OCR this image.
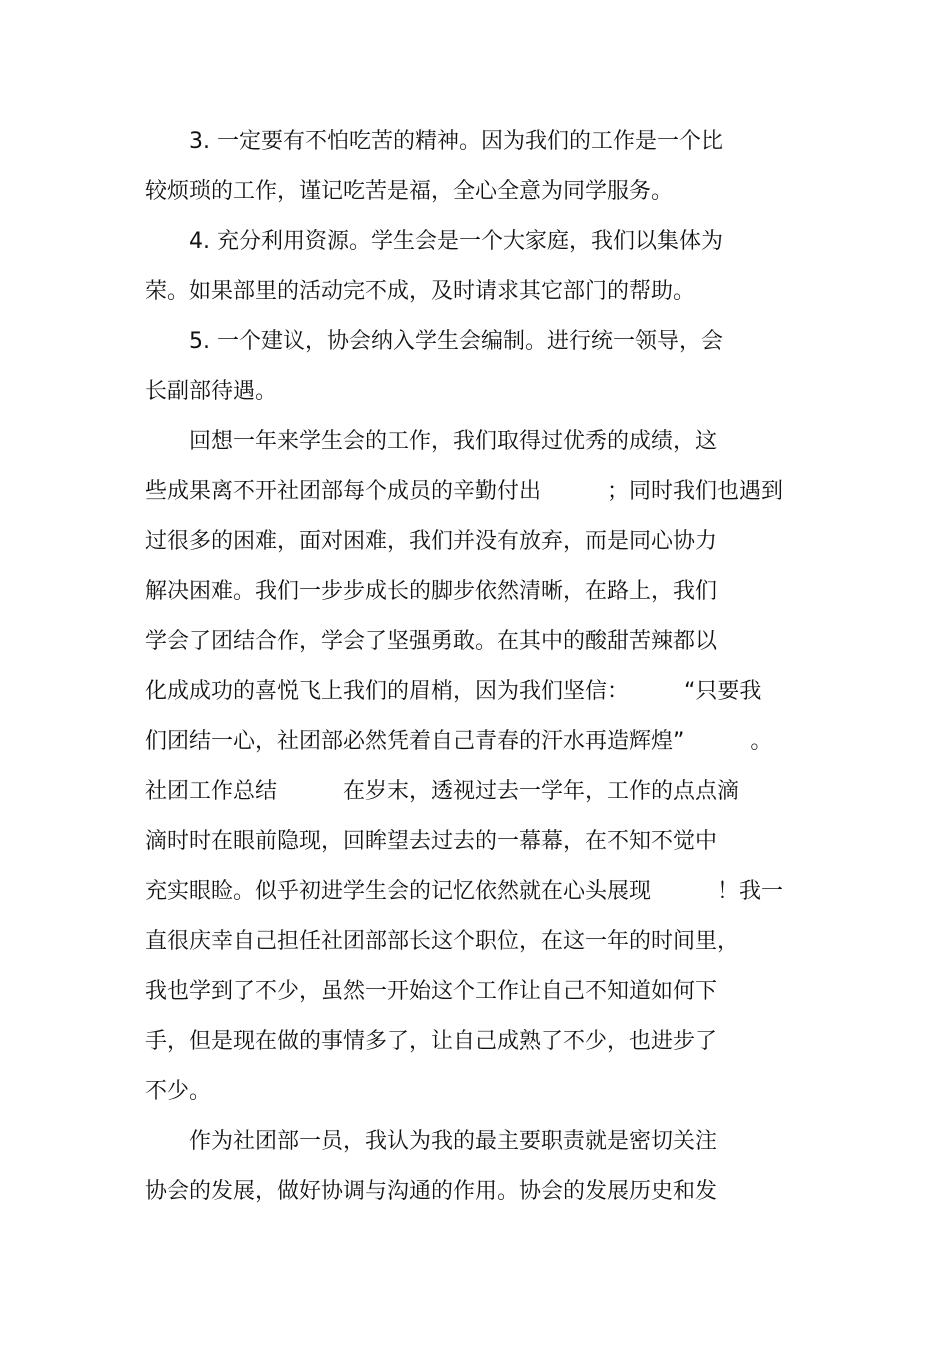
　　3. 一定要有不怕吃苦的精神。因为我们的工作是一个比
较烦琐的工作，谨记吃苦是福，全心全意为同学服务。
　　4. 充分利用资源。学生会是一个大家庭，我们以集体为
荣。如果部里的活动完不成，及时请求其它部门的帮助。
　　5. 一个建议，协会纳入学生会编制。进行统一领导，会
长副部待遇。
　　回想一年来学生会的工作，我们取得过优秀的成绩，这
些成果离不开社团部每个成员的辛勤付出　　　；同时我们也遇到
过很多的困难，面对困难，我们并没有放弃，而是同心协力
解决困难。我们一步步成长的脚步依然清晰，在路上，我们
学会了团结合作，学会了坚强勇敢。在其中的酸甜苦辣都以
化成成功的喜悦飞上我们的眉梢，因为我们坚信：　　　“只要我
们团结一心，社团部必然凭着自己青春的汗水再造辉煌”　　　。
社团工作总结　　　在岁末，透视过去一学年，工作的点点滴
滴时时在眼前隐现，回眸望去过去的一幕幕，在不知不觉中
充实眼睑。似乎初进学生会的记忆依然就在心头展现　　　！我一
直很庆幸自己担任社团部部长这个职位，在这一年的时间里，
我也学到了不少，虽然一开始这个工作让自己不知道如何下
手，但是现在做的事情多了，让自己成熟了不少，也进步了
不少。
　　作为社团部一员，我认为我的最主要职责就是密切关注
协会的发展，做好协调与沟通的作用。协会的发展历史和发
